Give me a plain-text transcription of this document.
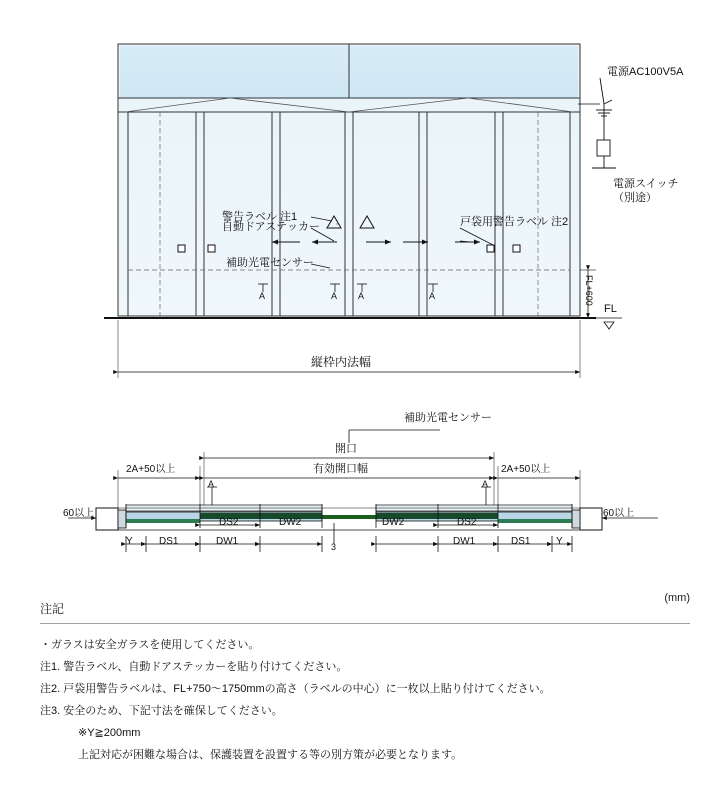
警告ラベル 注1
自動ドアステッカー
補助光電センサー
戸袋用警告ラベル 注2
電源AC100V5A
電源スイッチ
（別途）
FL+600
FL
縦枠内法幅
A	A A	A
補助光電センサー
開口
有効開口幅
2A+50以上	2A+50以上
60以上	60以上
A	A
DS2	DS2
DW2	DW2
Y	Y
DS1	DS1
DW1	DW1
3
(mm)
注記
・ガラスは安全ガラスを使用してください。
注1. 警告ラベル、自動ドアステッカーを貼り付けてください。
注2. 戸袋用警告ラベルは、FL+750～1750mmの高さ（ラベルの中心）に一枚以上貼り付けてください。
注3. 安全のため、下記寸法を確保してください。
※Y≧200mm
上記対応が困難な場合は、保護装置を設置する等の別方策が必要となります。
